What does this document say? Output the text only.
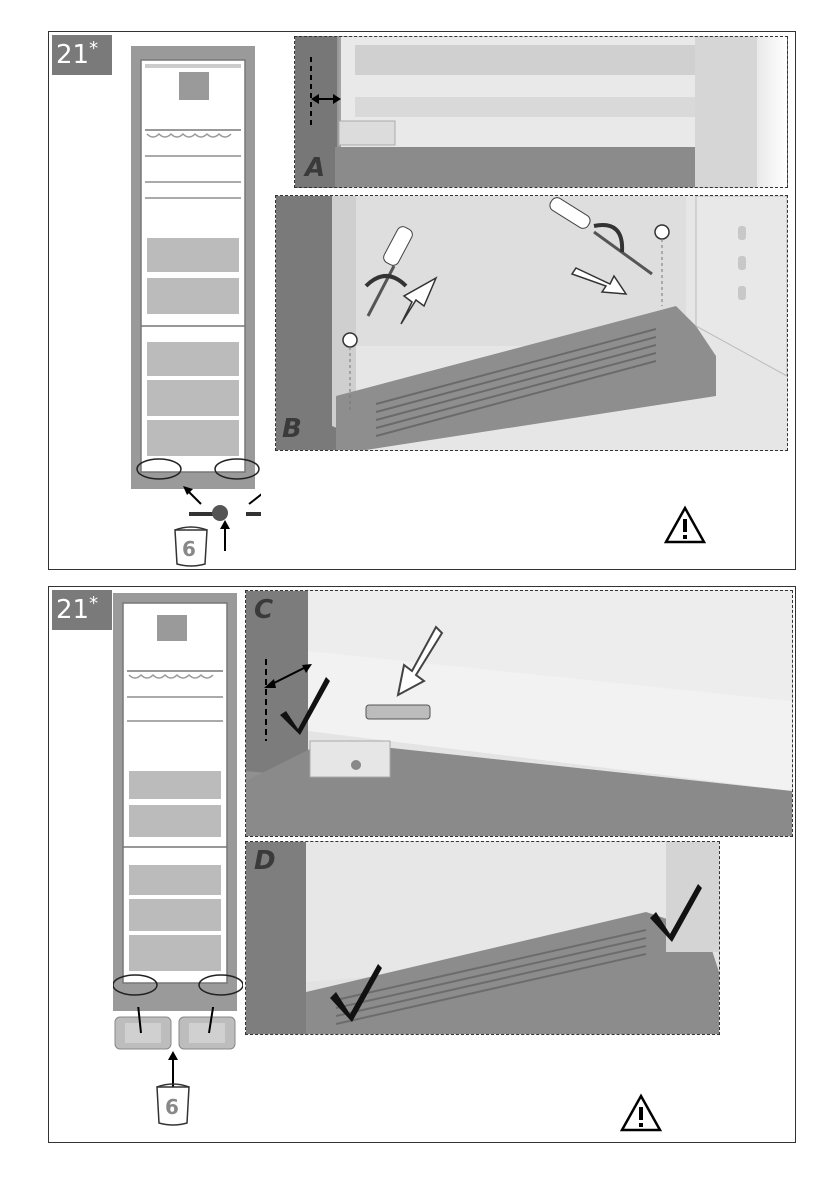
21*
6
A
B
21*
6
C
D
